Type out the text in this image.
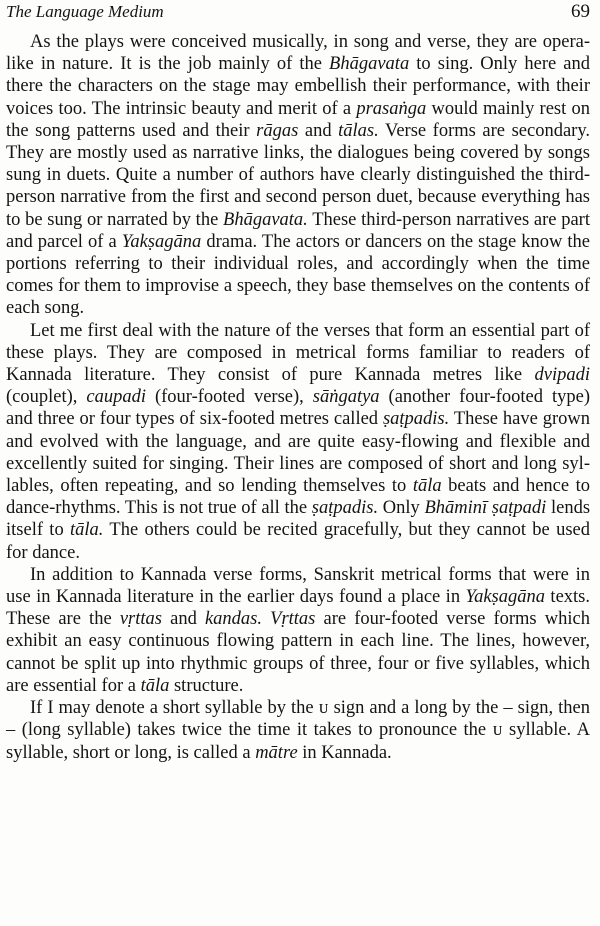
The Language Medium	69

As the plays were conceived musically, in song and verse, they are opera-like in nature. It is the job mainly of the Bhāgavata to sing. Only here and there the characters on the stage may embellish their performance, with their voices too. The intrinsic beauty and merit of a prasaṅga would mainly rest on the song patterns used and their rāgas and tālas. Verse forms are secondary. They are mostly used as narrative links, the dialogues being covered by songs sung in duets. Quite a number of authors have clearly distinguished the third-person narrative from the first and second person duet, because everything has to be sung or narrated by the Bhāgavata. These third-person narratives are part and parcel of a Yakṣagāna drama. The actors or dancers on the stage know the portions referring to their individual roles, and accordingly when the time comes for them to improvise a speech, they base themselves on the contents of each song.

Let me first deal with the nature of the verses that form an essential part of these plays. They are composed in metrical forms familiar to readers of Kannada literature. They consist of pure Kannada metres like dvipadi (couplet), caupadi (four-footed verse), sāṅgatya (another four-footed type) and three or four types of six-footed metres called ṣaṭpadis. These have grown and evolved with the language, and are quite easy-flowing and flexible and excellently suited for singing. Their lines are composed of short and long syllables, often repeating, and so lending themselves to tāla beats and hence to dance-rhythms. This is not true of all the ṣaṭpadis. Only Bhāminī ṣaṭpadi lends itself to tāla. The others could be recited gracefully, but they cannot be used for dance.

In addition to Kannada verse forms, Sanskrit metrical forms that were in use in Kannada literature in the earlier days found a place in Yakṣagāna texts. These are the vṛttas and kandas. Vṛttas are four-footed verse forms which exhibit an easy continuous flowing pattern in each line. The lines, however, cannot be split up into rhythmic groups of three, four or five syllables, which are essential for a tāla structure.

If I may denote a short syllable by the ᴜ sign and a long by the – sign, then – (long syllable) takes twice the time it takes to pronounce the ᴜ syllable. A syllable, short or long, is called a mātre in Kannada.
